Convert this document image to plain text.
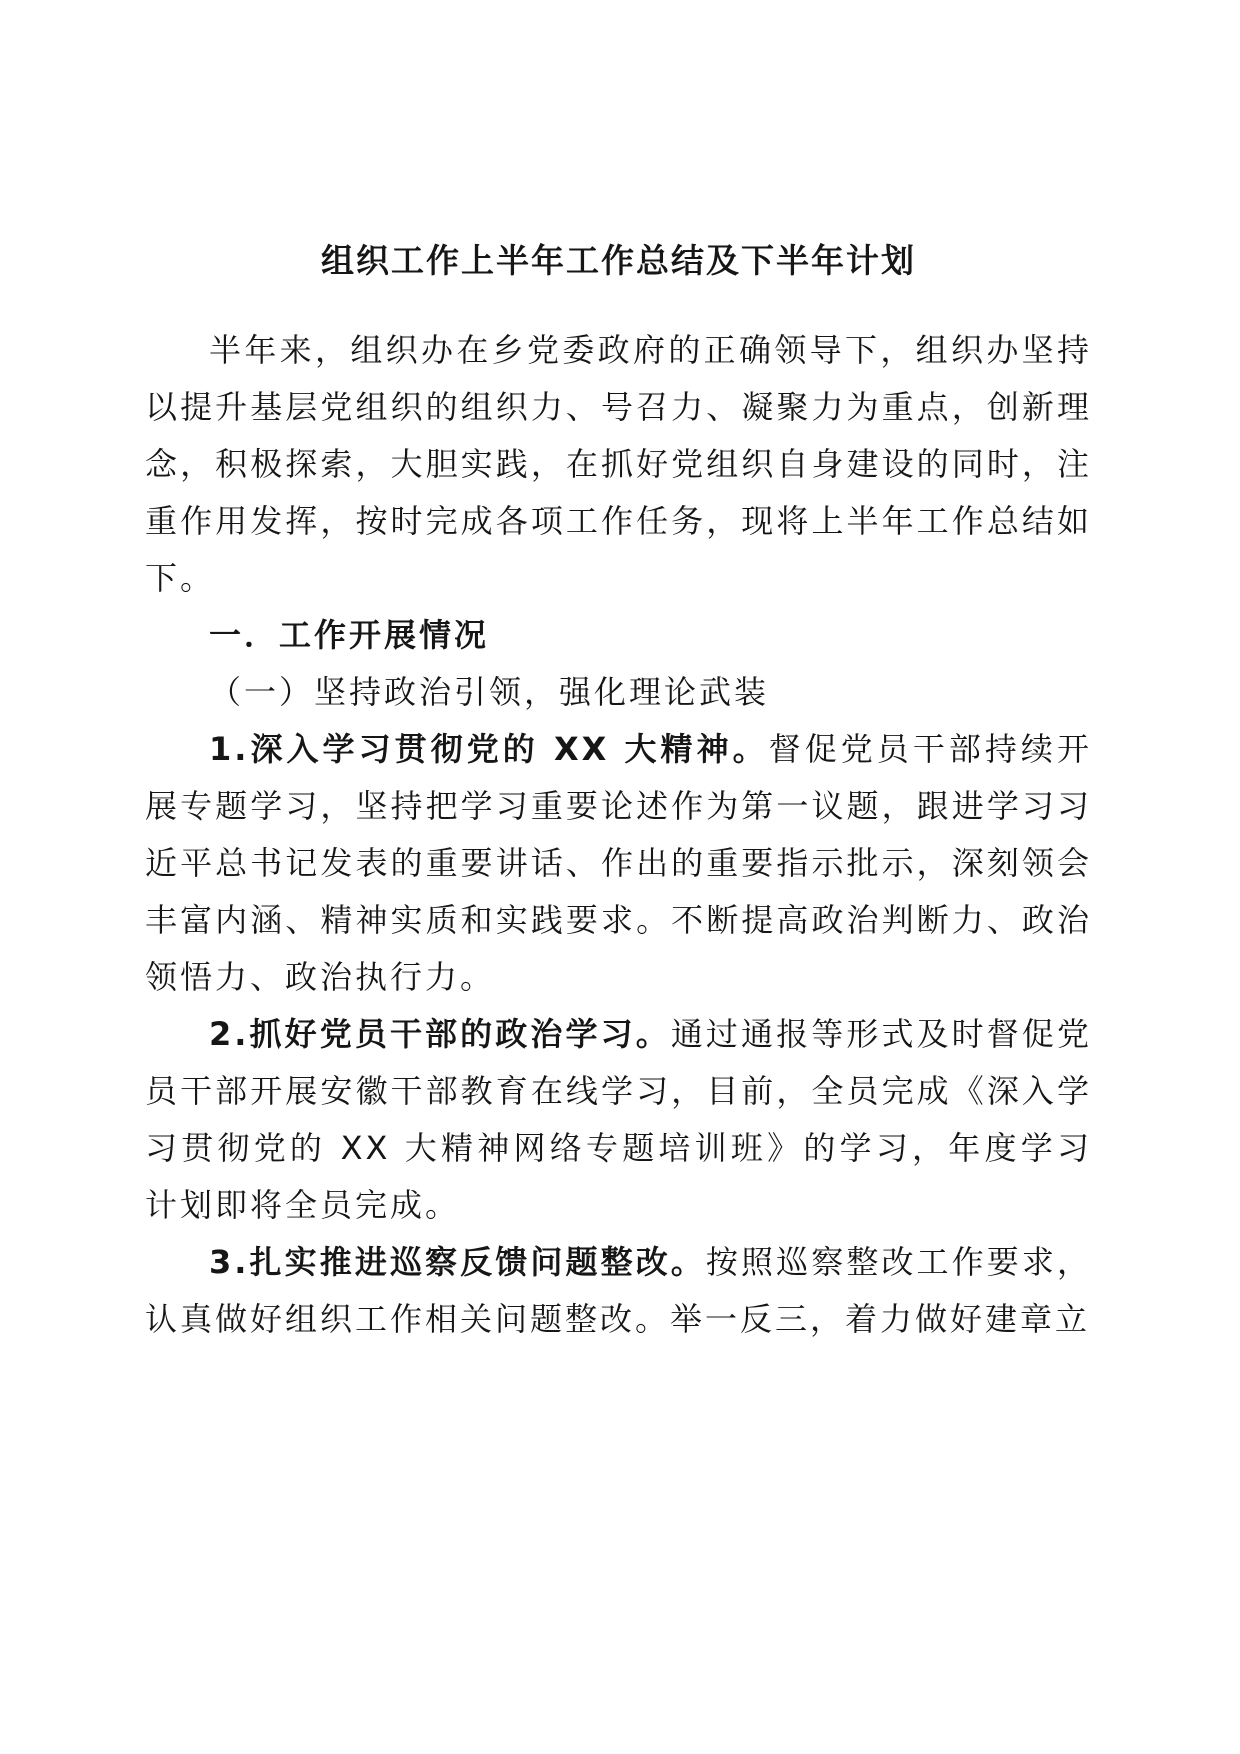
组织工作上半年工作总结及下半年计划

半年来，组织办在乡党委政府的正确领导下，组织办坚持以提升基层党组织的组织力、号召力、凝聚力为重点，创新理念，积极探索，大胆实践，在抓好党组织自身建设的同时，注重作用发挥，按时完成各项工作任务，现将上半年工作总结如下。

一．工作开展情况

（一）坚持政治引领，强化理论武装

1.深入学习贯彻党的 XX 大精神。督促党员干部持续开展专题学习，坚持把学习重要论述作为第一议题，跟进学习习近平总书记发表的重要讲话、作出的重要指示批示，深刻领会丰富内涵、精神实质和实践要求。不断提高政治判断力、政治领悟力、政治执行力。

2.抓好党员干部的政治学习。通过通报等形式及时督促党员干部开展安徽干部教育在线学习，目前，全员完成《深入学习贯彻党的 XX 大精神网络专题培训班》的学习，年度学习计划即将全员完成。

3.扎实推进巡察反馈问题整改。按照巡察整改工作要求，认真做好组织工作相关问题整改。举一反三，着力做好建章立
